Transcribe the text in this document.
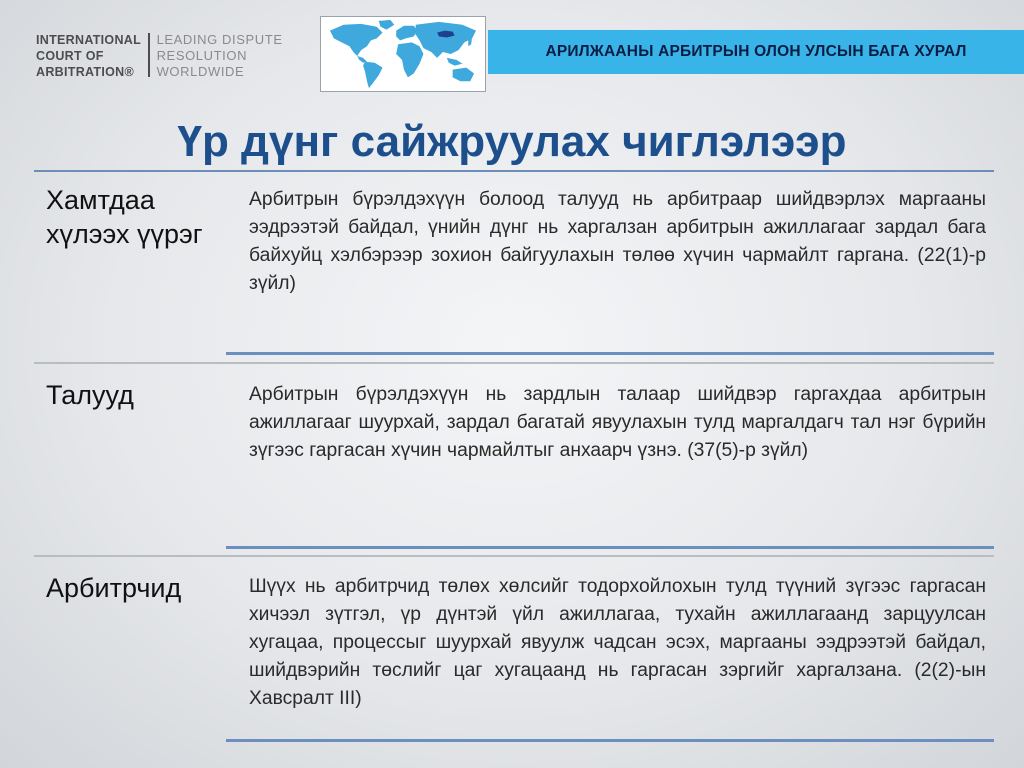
INTERNATIONAL
COURT OF
ARBITRATION®
LEADING DISPUTE
RESOLUTION
WORLDWIDE
АРИЛЖААНЫ АРБИТРЫН ОЛОН УЛСЫН БАГА ХУРАЛ
Үр дүнг сайжруулах чиглэлээр
Хамтдаа хүлээх үүрэг

Арбитрын бүрэлдэхүүн болоод талууд нь арбитраар шийдвэрлэх маргааны ээдрээтэй байдал, үнийн дүнг нь харгалзан арбитрын ажиллагааг зардал бага байхуйц хэлбэрээр зохион байгуулахын төлөө хүчин чармайлт гаргана. (22(1)-р зүйл)

Талууд	Арбитрын бүрэлдэхүүн нь зардлын талаар шийдвэр гаргахдаа арбитрын ажиллагааг шуурхай, зардал багатай явуулахын тулд маргалдагч тал нэг бүрийн зүгээс гаргасан хүчин чармайлтыг анхаарч үзнэ. (37(5)-р зүйл)

Арбитрчид	Шүүх нь арбитрчид төлөх хөлсийг тодорхойлохын тулд түүний зүгээс гаргасан хичээл зүтгэл, үр дүнтэй үйл ажиллагаа, тухайн ажиллагаанд зарцуулсан хугацаа, процессыг шуурхай явуулж чадсан эсэх, маргааны ээдрээтэй байдал, шийдвэрийн төслийг цаг хугацаанд нь гаргасан зэргийг харгалзана. (2(2)-ын Хавсралт III)
